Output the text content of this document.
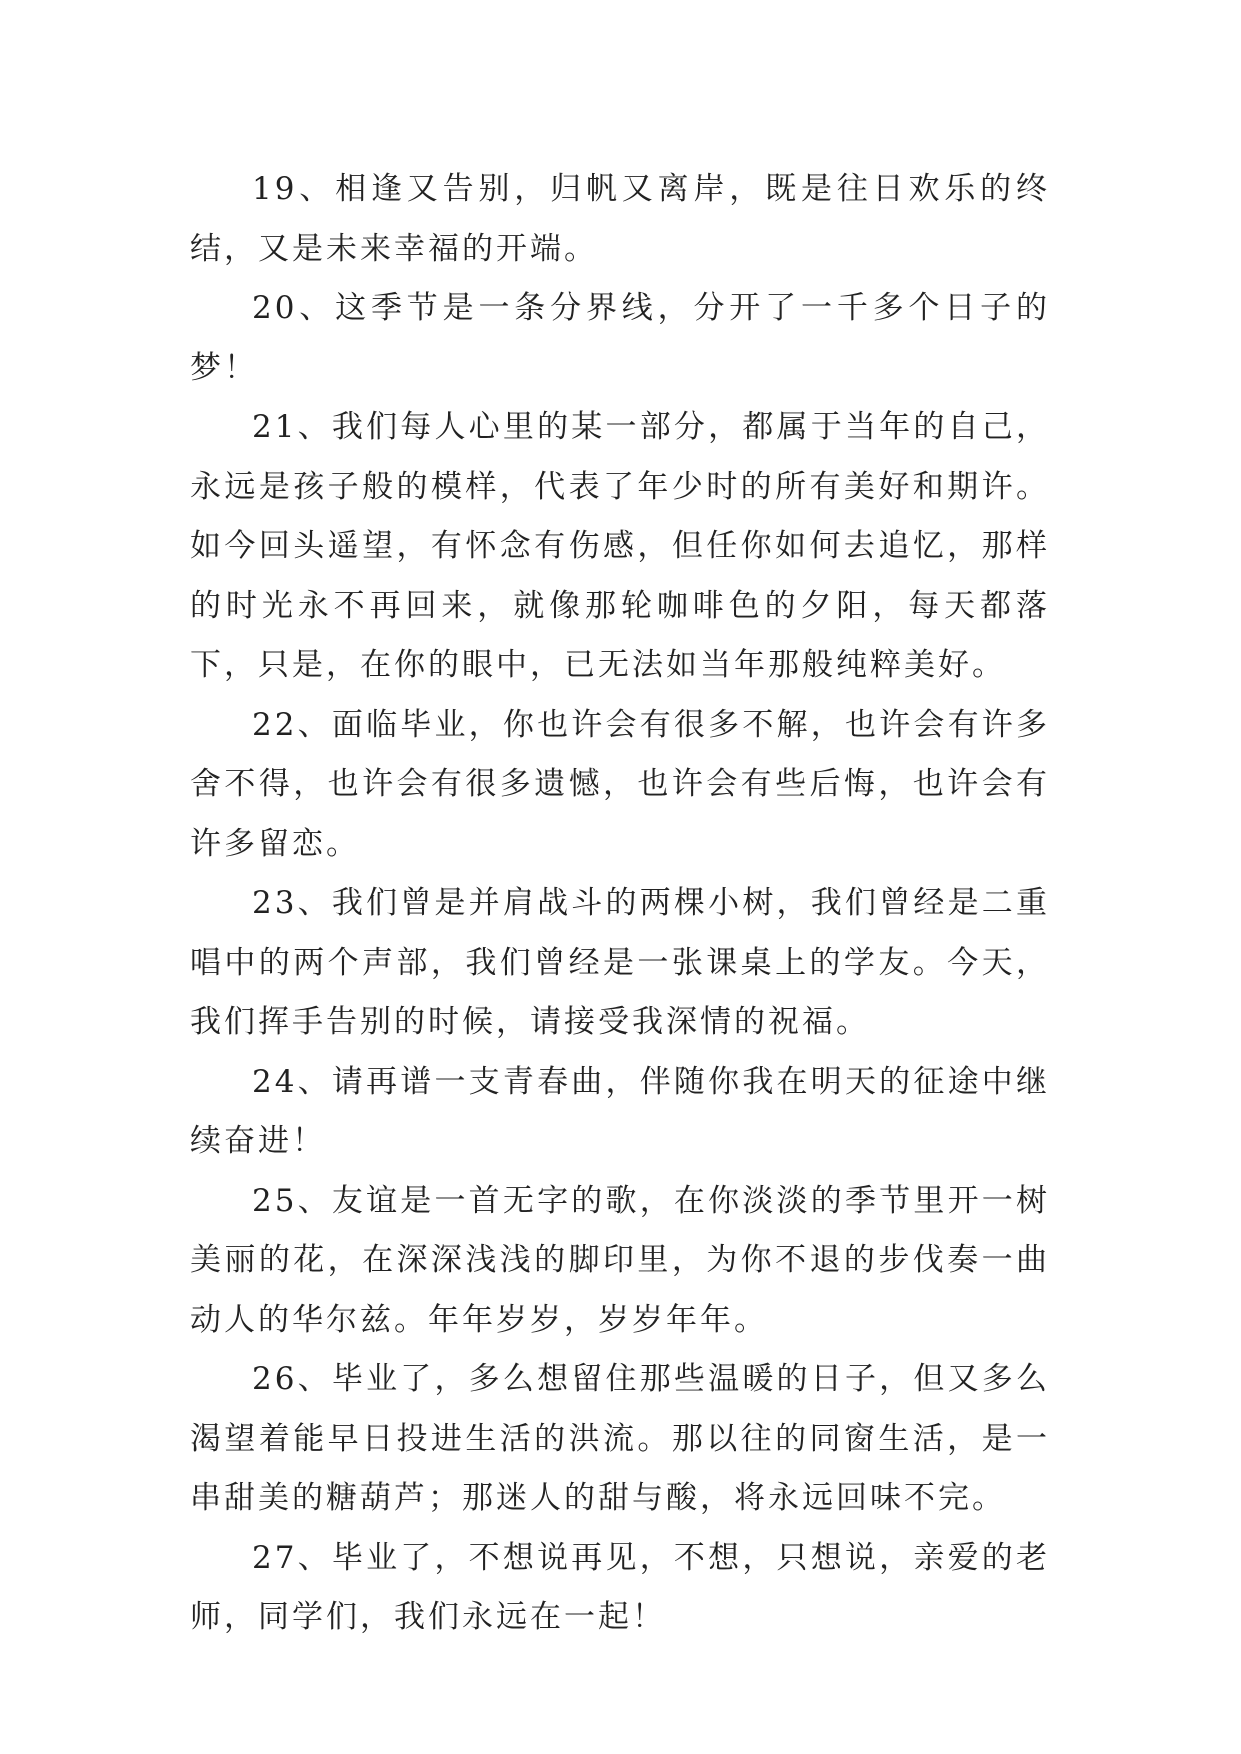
19、相逢又告别，归帆又离岸，既是往日欢乐的终结，又是未来幸福的开端。

20、这季节是一条分界线，分开了一千多个日子的梦！

21、我们每人心里的某一部分，都属于当年的自己，永远是孩子般的模样，代表了年少时的所有美好和期许。如今回头遥望，有怀念有伤感，但任你如何去追忆，那样的时光永不再回来，就像那轮咖啡色的夕阳，每天都落下，只是，在你的眼中，已无法如当年那般纯粹美好。

22、面临毕业，你也许会有很多不解，也许会有许多舍不得，也许会有很多遗憾，也许会有些后悔，也许会有许多留恋。

23、我们曾是并肩战斗的两棵小树，我们曾经是二重唱中的两个声部，我们曾经是一张课桌上的学友。今天，我们挥手告别的时候，请接受我深情的祝福。

24、请再谱一支青春曲，伴随你我在明天的征途中继续奋进！

25、友谊是一首无字的歌，在你淡淡的季节里开一树美丽的花，在深深浅浅的脚印里，为你不退的步伐奏一曲动人的华尔兹。年年岁岁，岁岁年年。

26、毕业了，多么想留住那些温暖的日子，但又多么渴望着能早日投进生活的洪流。那以往的同窗生活，是一串甜美的糖葫芦；那迷人的甜与酸，将永远回味不完。

27、毕业了，不想说再见，不想，只想说，亲爱的老师，同学们，我们永远在一起！
